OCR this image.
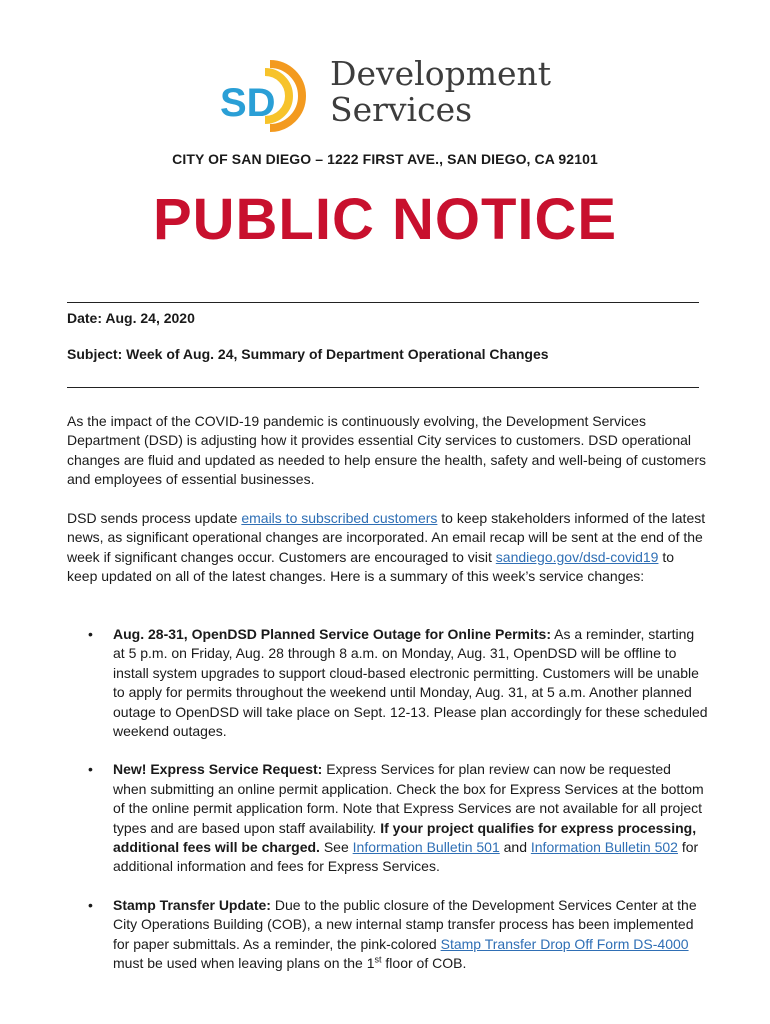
SD
Development
Services
CITY OF SAN DIEGO – 1222 FIRST AVE., SAN DIEGO, CA 92101
PUBLIC NOTICE
Date: Aug. 24, 2020
Subject: Week of Aug. 24, Summary of Department Operational Changes
As the impact of the COVID-19 pandemic is continuously evolving, the Development Services Department (DSD) is adjusting how it provides essential City services to customers. DSD operational changes are fluid and updated as needed to help ensure the health, safety and well-being of customers and employees of essential businesses.
DSD sends process update emails to subscribed customers to keep stakeholders informed of the latest news, as significant operational changes are incorporated. An email recap will be sent at the end of the week if significant changes occur. Customers are encouraged to visit sandiego.gov/dsd-covid19 to keep updated on all of the latest changes. Here is a summary of this week’s service changes:
• Aug. 28-31, OpenDSD Planned Service Outage for Online Permits: As a reminder, starting at 5 p.m. on Friday, Aug. 28 through 8 a.m. on Monday, Aug. 31, OpenDSD will be offline to install system upgrades to support cloud-based electronic permitting. Customers will be unable to apply for permits throughout the weekend until Monday, Aug. 31, at 5 a.m. Another planned outage to OpenDSD will take place on Sept. 12-13. Please plan accordingly for these scheduled weekend outages.
• New! Express Service Request: Express Services for plan review can now be requested when submitting an online permit application. Check the box for Express Services at the bottom of the online permit application form. Note that Express Services are not available for all project types and are based upon staff availability. If your project qualifies for express processing, additional fees will be charged. See Information Bulletin 501 and Information Bulletin 502 for additional information and fees for Express Services.
• Stamp Transfer Update: Due to the public closure of the Development Services Center at the City Operations Building (COB), a new internal stamp transfer process has been implemented for paper submittals. As a reminder, the pink-colored Stamp Transfer Drop Off Form DS-4000 must be used when leaving plans on the 1st floor of COB.
